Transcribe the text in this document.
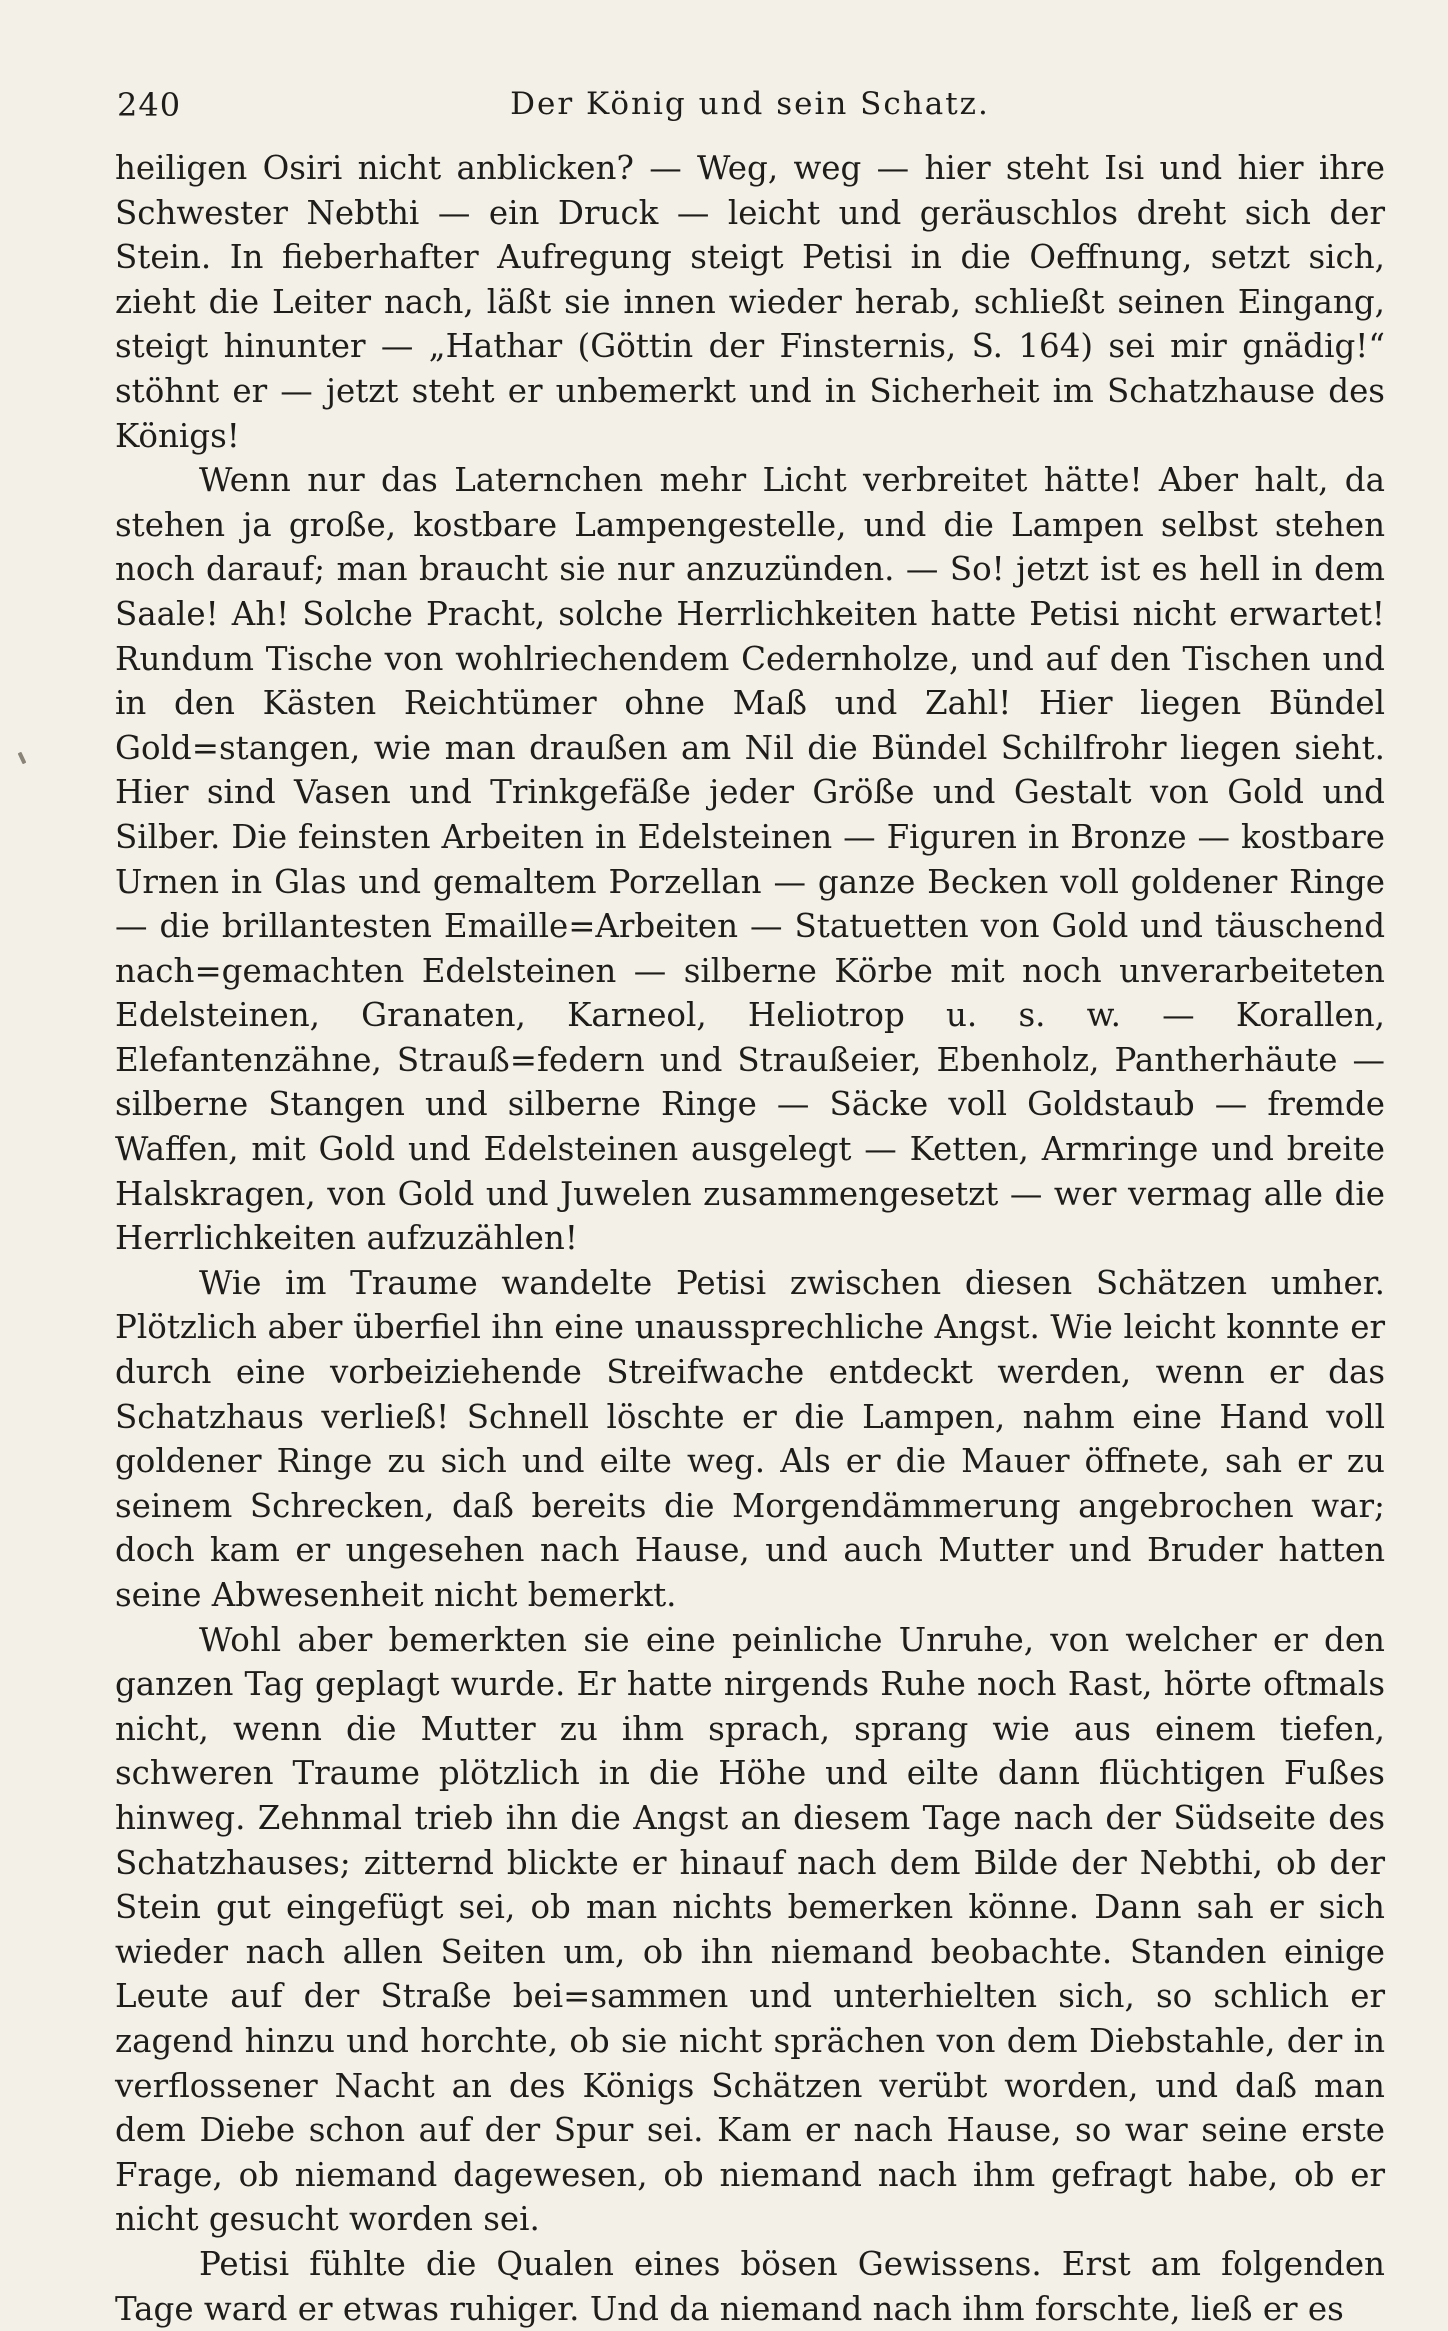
240	Der König und sein Schatz.

heiligen Osiri nicht anblicken? — Weg, weg — hier steht Isi und hier ihre Schwester Nebthi — ein Druck — leicht und geräuschlos dreht sich der Stein. In fieberhafter Aufregung steigt Petisi in die Oeffnung, setzt sich, zieht die Leiter nach, läßt sie innen wieder herab, schließt seinen Eingang, steigt hinunter — „Hathar (Göttin der Finsternis, S. 164) sei mir gnädig!“ stöhnt er — jetzt steht er unbemerkt und in Sicherheit im Schatzhause des Königs!

Wenn nur das Laternchen mehr Licht verbreitet hätte! Aber halt, da stehen ja große, kostbare Lampengestelle, und die Lampen selbst stehen noch darauf; man braucht sie nur anzuzünden. — So! jetzt ist es hell in dem Saale! Ah! Solche Pracht, solche Herrlichkeiten hatte Petisi nicht erwartet! Rundum Tische von wohlriechendem Cedernholze, und auf den Tischen und in den Kästen Reichtümer ohne Maß und Zahl! Hier liegen Bündel Gold=stangen, wie man draußen am Nil die Bündel Schilfrohr liegen sieht. Hier sind Vasen und Trinkgefäße jeder Größe und Gestalt von Gold und Silber. Die feinsten Arbeiten in Edelsteinen — Figuren in Bronze — kostbare Urnen in Glas und gemaltem Porzellan — ganze Becken voll goldener Ringe — die brillantesten Emaille=Arbeiten — Statuetten von Gold und täuschend nach=gemachten Edelsteinen — silberne Körbe mit noch unverarbeiteten Edelsteinen, Granaten, Karneol, Heliotrop u. s. w. — Korallen, Elefantenzähne, Strauß=federn und Straußeier, Ebenholz, Pantherhäute — silberne Stangen und silberne Ringe — Säcke voll Goldstaub — fremde Waffen, mit Gold und Edelsteinen ausgelegt — Ketten, Armringe und breite Halskragen, von Gold und Juwelen zusammengesetzt — wer vermag alle die Herrlichkeiten aufzuzählen!

Wie im Traume wandelte Petisi zwischen diesen Schätzen umher. Plötzlich aber überfiel ihn eine unaussprechliche Angst. Wie leicht konnte er durch eine vorbeiziehende Streifwache entdeckt werden, wenn er das Schatzhaus verließ! Schnell löschte er die Lampen, nahm eine Hand voll goldener Ringe zu sich und eilte weg. Als er die Mauer öffnete, sah er zu seinem Schrecken, daß bereits die Morgendämmerung angebrochen war; doch kam er ungesehen nach Hause, und auch Mutter und Bruder hatten seine Abwesenheit nicht bemerkt.

Wohl aber bemerkten sie eine peinliche Unruhe, von welcher er den ganzen Tag geplagt wurde. Er hatte nirgends Ruhe noch Rast, hörte oftmals nicht, wenn die Mutter zu ihm sprach, sprang wie aus einem tiefen, schweren Traume plötzlich in die Höhe und eilte dann flüchtigen Fußes hinweg. Zehnmal trieb ihn die Angst an diesem Tage nach der Südseite des Schatzhauses; zitternd blickte er hinauf nach dem Bilde der Nebthi, ob der Stein gut eingefügt sei, ob man nichts bemerken könne. Dann sah er sich wieder nach allen Seiten um, ob ihn niemand beobachte. Standen einige Leute auf der Straße bei=sammen und unterhielten sich, so schlich er zagend hinzu und horchte, ob sie nicht sprächen von dem Diebstahle, der in verflossener Nacht an des Königs Schätzen verübt worden, und daß man dem Diebe schon auf der Spur sei. Kam er nach Hause, so war seine erste Frage, ob niemand dagewesen, ob niemand nach ihm gefragt habe, ob er nicht gesucht worden sei.

Petisi fühlte die Qualen eines bösen Gewissens. Erst am folgenden Tage ward er etwas ruhiger. Und da niemand nach ihm forschte, ließ er es
